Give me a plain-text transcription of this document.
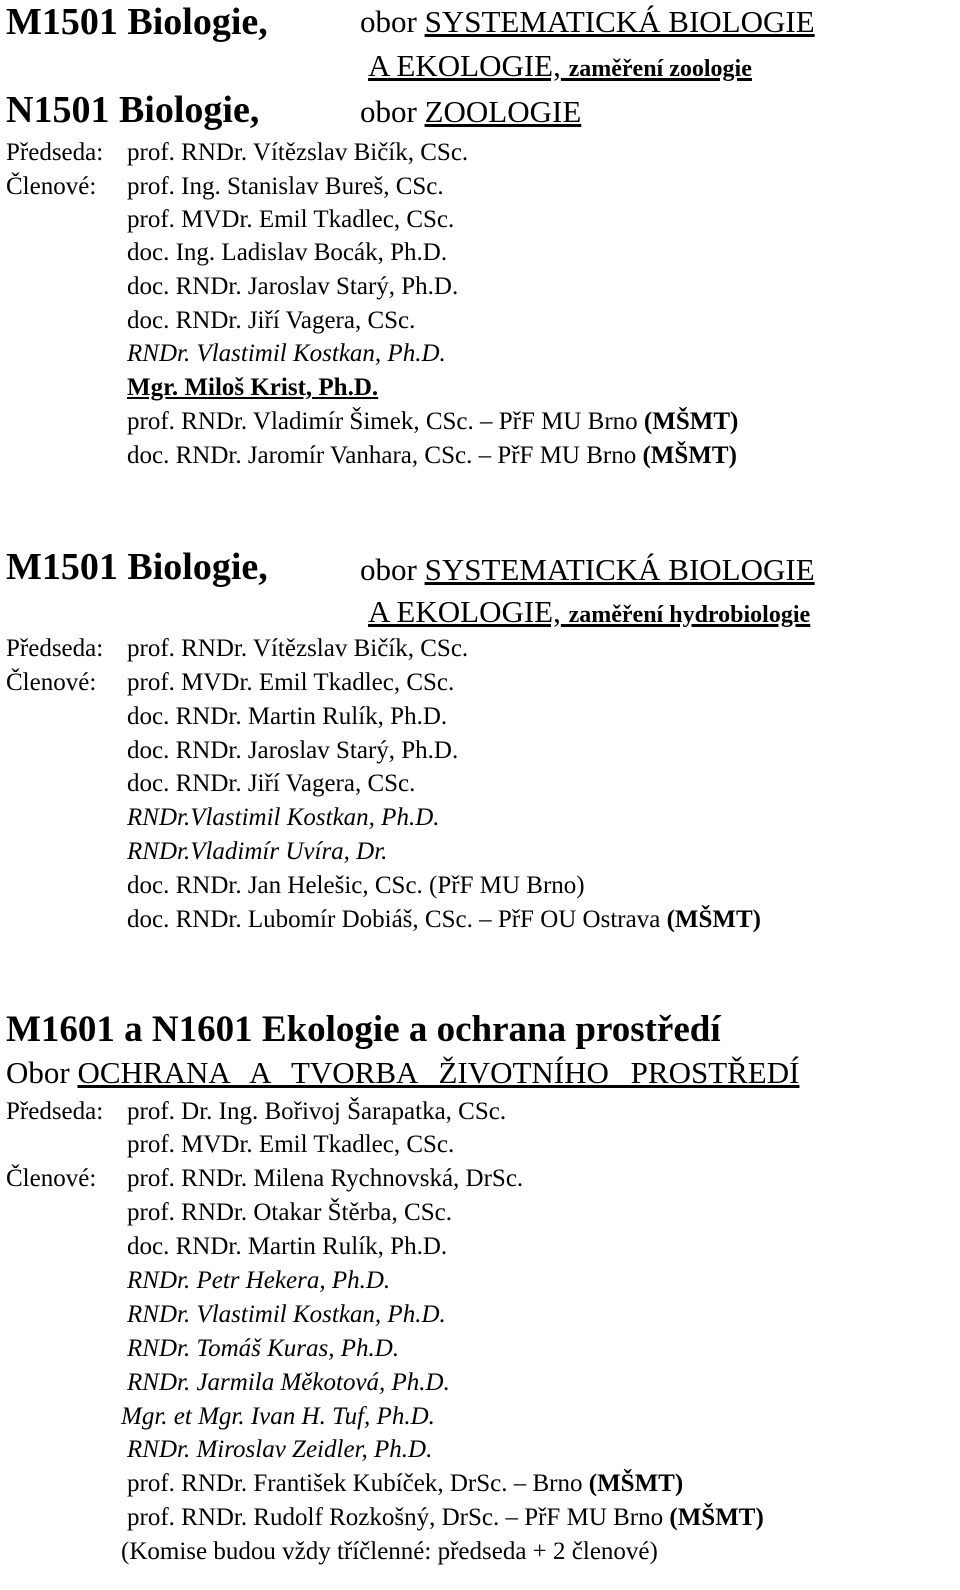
M1501 Biologie,	obor SYSTEMATICKÁ BIOLOGIE
A EKOLOGIE, zaměření zoologie
N1501 Biologie,	obor ZOOLOGIE
Předseda: prof. RNDr. Vítězslav Bičík, CSc.
Členové: prof. Ing. Stanislav Bureš, CSc.
prof. MVDr. Emil Tkadlec, CSc.
doc. Ing. Ladislav Bocák, Ph.D.
doc. RNDr. Jaroslav Starý, Ph.D.
doc. RNDr. Jiří Vagera, CSc.
RNDr. Vlastimil Kostkan, Ph.D.
Mgr. Miloš Krist, Ph.D.
prof. RNDr. Vladimír Šimek, CSc. – PřF MU Brno (MŠMT)
doc. RNDr. Jaromír Vanhara, CSc. – PřF MU Brno (MŠMT)
M1501 Biologie,	obor SYSTEMATICKÁ BIOLOGIE
A EKOLOGIE, zaměření hydrobiologie
Předseda: prof. RNDr. Vítězslav Bičík, CSc.
Členové: prof. MVDr. Emil Tkadlec, CSc.
doc. RNDr. Martin Rulík, Ph.D.
doc. RNDr. Jaroslav Starý, Ph.D.
doc. RNDr. Jiří Vagera, CSc.
RNDr.Vlastimil Kostkan, Ph.D.
RNDr.Vladimír Uvíra, Dr.
doc. RNDr. Jan Helešic, CSc. (PřF MU Brno)
doc. RNDr. Lubomír Dobiáš, CSc. – PřF OU Ostrava (MŠMT)
M1601 a N1601 Ekologie a ochrana prostředí
Obor OCHRANA A TVORBA ŽIVOTNÍHO PROSTŘEDÍ
Předseda: prof. Dr. Ing. Bořivoj Šarapatka, CSc.
prof. MVDr. Emil Tkadlec, CSc.
Členové: prof. RNDr. Milena Rychnovská, DrSc.
prof. RNDr. Otakar Štěrba, CSc.
doc. RNDr. Martin Rulík, Ph.D.
RNDr. Petr Hekera, Ph.D.
RNDr. Vlastimil Kostkan, Ph.D.
RNDr. Tomáš Kuras, Ph.D.
RNDr. Jarmila Měkotová, Ph.D.
Mgr. et Mgr. Ivan H. Tuf, Ph.D.
RNDr. Miroslav Zeidler, Ph.D.
prof. RNDr. František Kubíček, DrSc. – Brno (MŠMT)
prof. RNDr. Rudolf Rozkošný, DrSc. – PřF MU Brno (MŠMT)
(Komise budou vždy tříčlenné: předseda + 2 členové)
